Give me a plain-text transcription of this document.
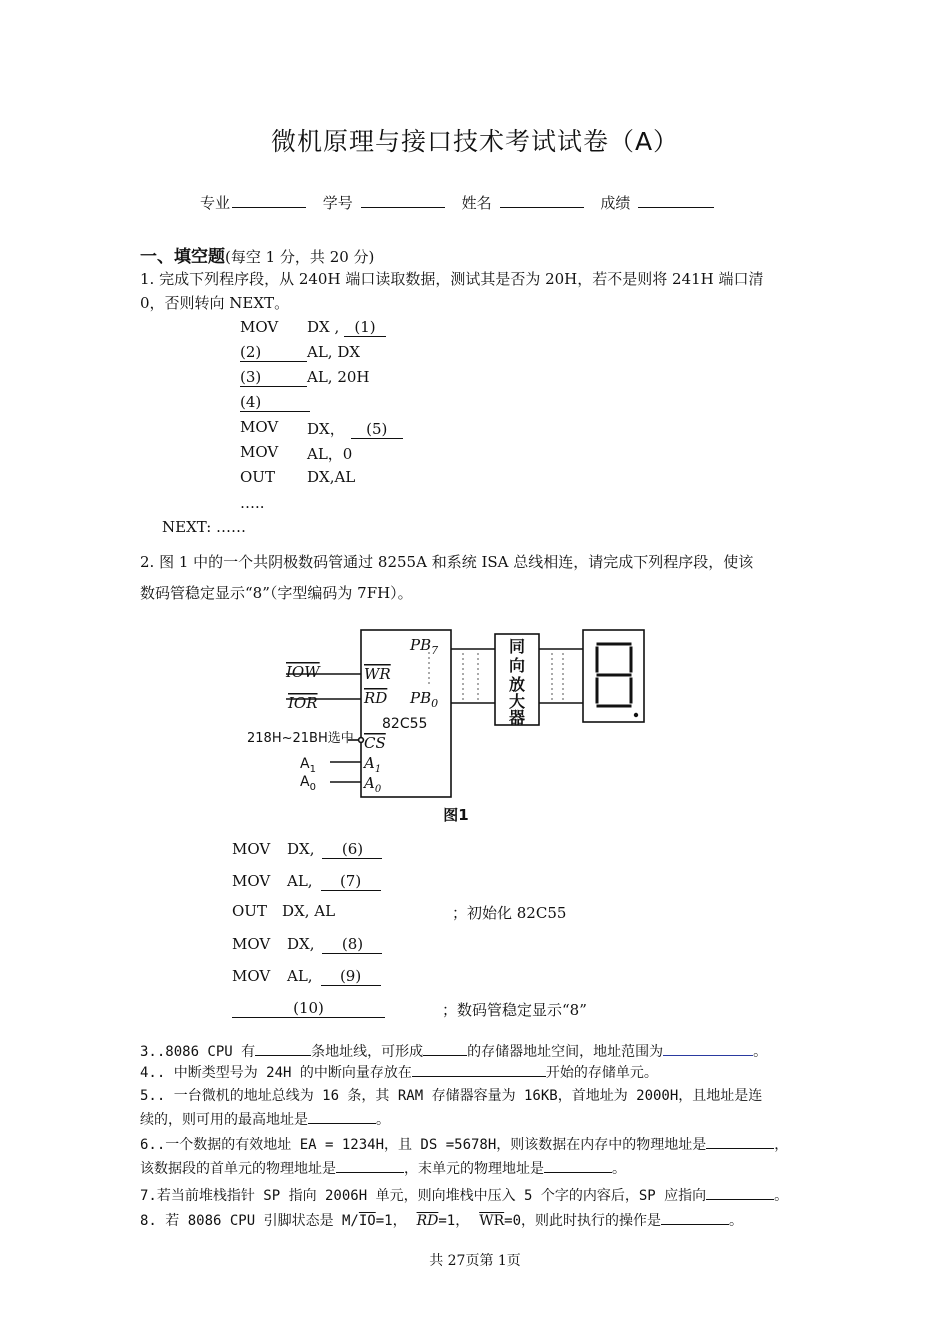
微机原理与接口技术考试试卷（A）
专业	学号	姓名	成绩
一、填空题(每空 1 分，共 20 分)
1. 完成下列程序段，从 240H 端口读取数据，测试其是否为 20H，若不是则将 241H 端口清
0，否则转向 NEXT。
MOV DX , (1)
(2)	AL, DX
(3)	AL, 20H
(4)
MOV DX， (5)
MOV AL，0
OUT DX,AL
…..
NEXT: ……
2. 图 1 中的一个共阴极数码管通过 8255A 和系统 ISA 总线相连，请完成下列程序段，使该
数码管稳定显示“8”（字型编码为 7FH）。
$PB_7$
$PB_0$
WR
RD
CS
$A_1$
$A_0$
IOW
IOR
$A_1$
$A_0$
82C55
218H~21BH选中
同
向
放
大
器
图1
MOV DX, (6)
MOV AL, (7)
OUT DX, AL	；初始化 82C55
MOV DX, (8)
MOV AL, (9)
(10)	；数码管稳定显示“8”
3..8086 CPU 有	条地址线，可形成	的存储器地址空间，地址范围为	。
4.. 中断类型号为 24H 的中断向量存放在	开始的存储单元。
5.. 一台微机的地址总线为 16 条，其 RAM 存储器容量为 16KB，首地址为 2000H，且地址是连
续的，则可用的最高地址是	。
6..一个数据的有效地址 EA = 1234H，且 DS =5678H，则该数据在内存中的物理地址是	，
该数据段的首单元的物理地址是	，末单元的物理地址是	。
7.若当前堆栈指针 SP 指向 2006H 单元，则向堆栈中压入 5 个字的内容后，SP 应指向	。
8. 若 8086 CPU 引脚状态是 $M/\overline{IO}=1$， $\overline{RD}=1$， $\overline{WR}=0$，则此时执行的操作是	。
共 27页第 1页
